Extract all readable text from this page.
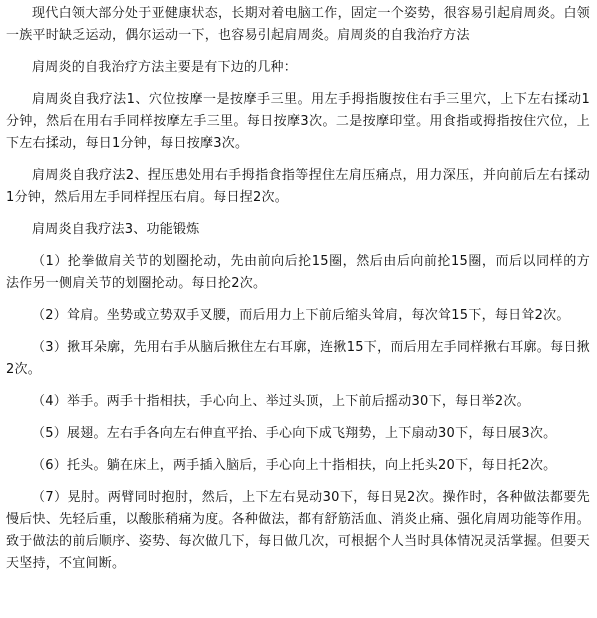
现代白领大部分处于亚健康状态，长期对着电脑工作，固定一个姿势，很容易引起肩周炎。白领一族平时缺乏运动，偶尔运动一下，也容易引起肩周炎。肩周炎的自我治疗方法

肩周炎的自我治疗方法主要是有下边的几种：

肩周炎自我疗法1、穴位按摩一是按摩手三里。用左手拇指腹按住右手三里穴，上下左右揉动1分钟，然后在用右手同样按摩左手三里。每日按摩3次。二是按摩印堂。用食指或拇指按住穴位，上下左右揉动，每日1分钟，每日按摩3次。

肩周炎自我疗法2、捏压患处用右手拇指食指等捏住左肩压痛点，用力深压，并向前后左右揉动1分钟，然后用左手同样捏压右肩。每日捏2次。

肩周炎自我疗法3、功能锻炼

（1）抡拳做肩关节的划圈抡动，先由前向后抡15圈，然后由后向前抡15圈，而后以同样的方法作另一侧肩关节的划圈抡动。每日抡2次。

（2）耸肩。坐势或立势双手叉腰，而后用力上下前后缩头耸肩，每次耸15下，每日耸2次。

（3）揪耳朵廓，先用右手从脑后揪住左右耳廓，连揪15下，而后用左手同样揪右耳廓。每日揪2次。

（4）举手。两手十指相扶，手心向上、举过头顶，上下前后摇动30下，每日举2次。

（5）展翅。左右手各向左右伸直平抬、手心向下成飞翔势，上下扇动30下，每日展3次。

（6）托头。躺在床上，两手插入脑后，手心向上十指相扶，向上托头20下，每日托2次。

（7）晃肘。两臂同时抱肘，然后，上下左右晃动30下，每日晃2次。操作时，各种做法都要先慢后快、先轻后重，以酸胀稍痛为度。各种做法，都有舒筋活血、消炎止痛、强化肩周功能等作用。致于做法的前后顺序、姿势、每次做几下，每日做几次，可根据个人当时具体情况灵活掌握。但要天天坚持，不宜间断。
